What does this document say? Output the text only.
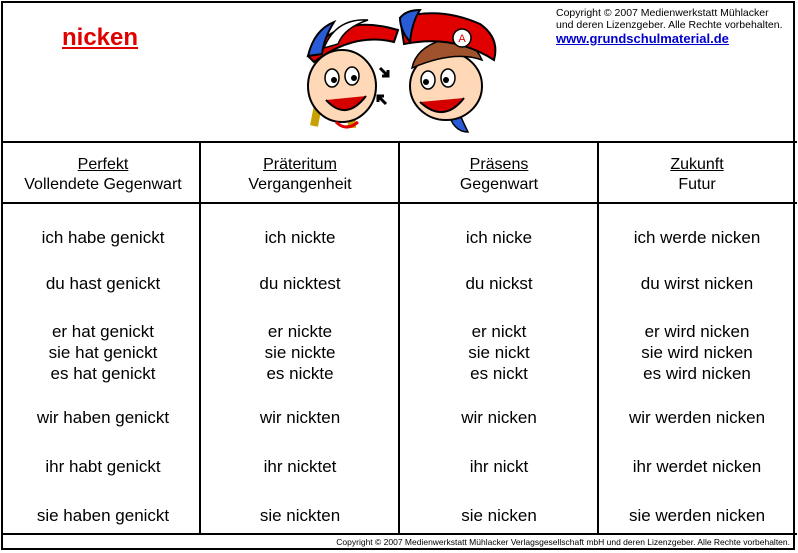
nicken
Copyright © 2007 Medienwerkstatt Mühlacker
und deren Lizenzgeber. Alle Rechte vorbehalten.
www.grundschulmaterial.de
A
Perfekt
Vollendete Gegenwart
Präteritum
Vergangenheit
Präsens
Gegenwart
Zukunft
Futur
ich habe genickt
du hast genickt
er hat genickt
sie hat genickt
es hat genickt
wir haben genickt
ihr habt genickt
sie haben genickt
ich nickte
du nicktest
er nickte
sie nickte
es nickte
wir nickten
ihr nicktet
sie nickten
ich nicke
du nickst
er nickt
sie nickt
es nickt
wir nicken
ihr nickt
sie nicken
ich werde nicken
du wirst nicken
er wird nicken
sie wird nicken
es wird nicken
wir werden nicken
ihr werdet nicken
sie werden nicken
Copyright © 2007 Medienwerkstatt Mühlacker Verlagsgesellschaft mbH und deren Lizenzgeber. Alle Rechte vorbehalten.
